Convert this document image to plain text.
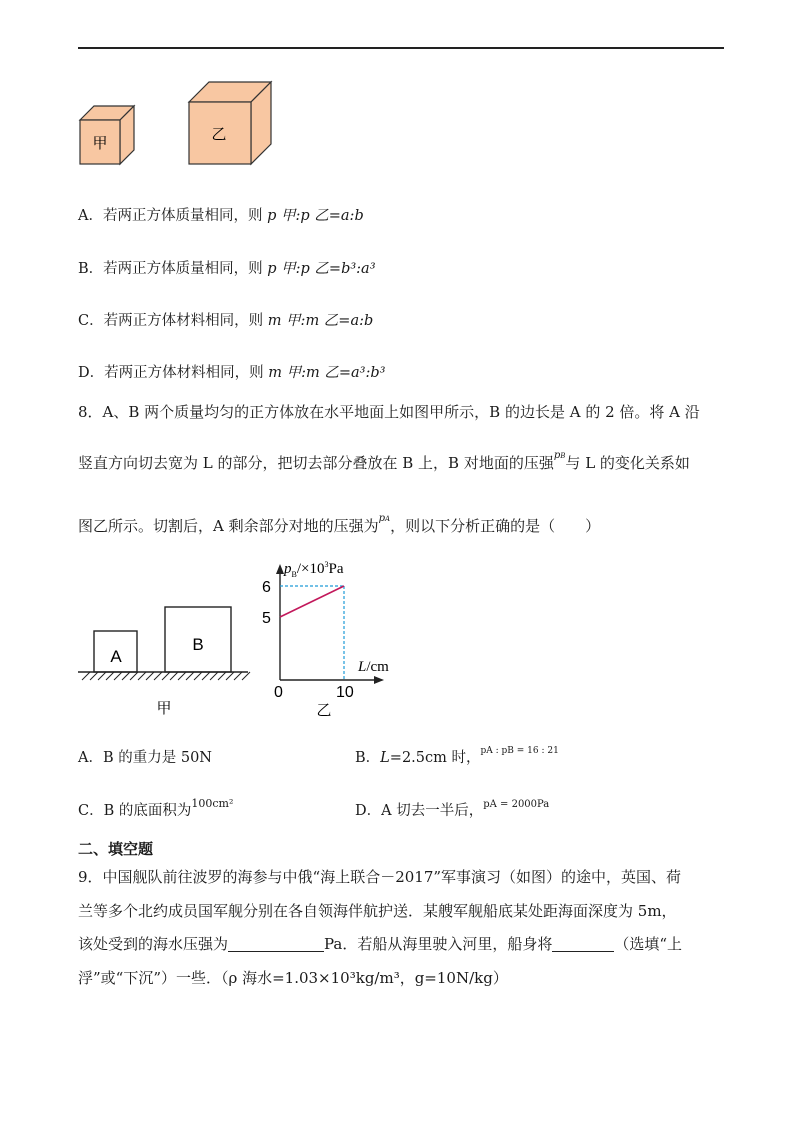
甲	乙
A．若两正方体质量相同，则 p 甲:p 乙=a:b
B．若两正方体质量相同，则 p 甲:p 乙=b³:a³
C．若两正方体材料相同，则 m 甲:m 乙=a:b
D．若两正方体材料相同，则 m 甲:m 乙=a³:b³
8．A、B 两个质量均匀的正方体放在水平地面上如图甲所示，B 的边长是 A 的 2 倍。将 A 沿
竖直方向切去宽为 L 的部分，把切去部分叠放在 B 上，B 对地面的压强$^{pB}$与 L 的变化关系如
图乙所示。切割后，A 剩余部分对地的压强为$^{pA}$，则以下分析正确的是（　　）
A
B
甲
$p_B/\times 10^3Pa$
6
5
0	10
L/cm
乙
A．B 的重力是 50N	B．L=2.5cm 时，$^{pA : pB = 16 : 21}$
C．B 的底面积为$^{100cm^2}$	D．A 切去一半后，$^{pA = 2000Pa}$
二、填空题
9．中国舰队前往波罗的海参与中俄“海上联合－2017”军事演习（如图）的途中，英国、荷
兰等多个北约成员国军舰分别在各自领海伴航护送．某艘军舰船底某处距海面深度为 5m，
该处受到的海水压强为	Pa．若船从海里驶入河里，船身将	（选填“上
浮”或“下沉”）一些．（ρ 海水=1.03×10³kg/m³，g=10N/kg）
